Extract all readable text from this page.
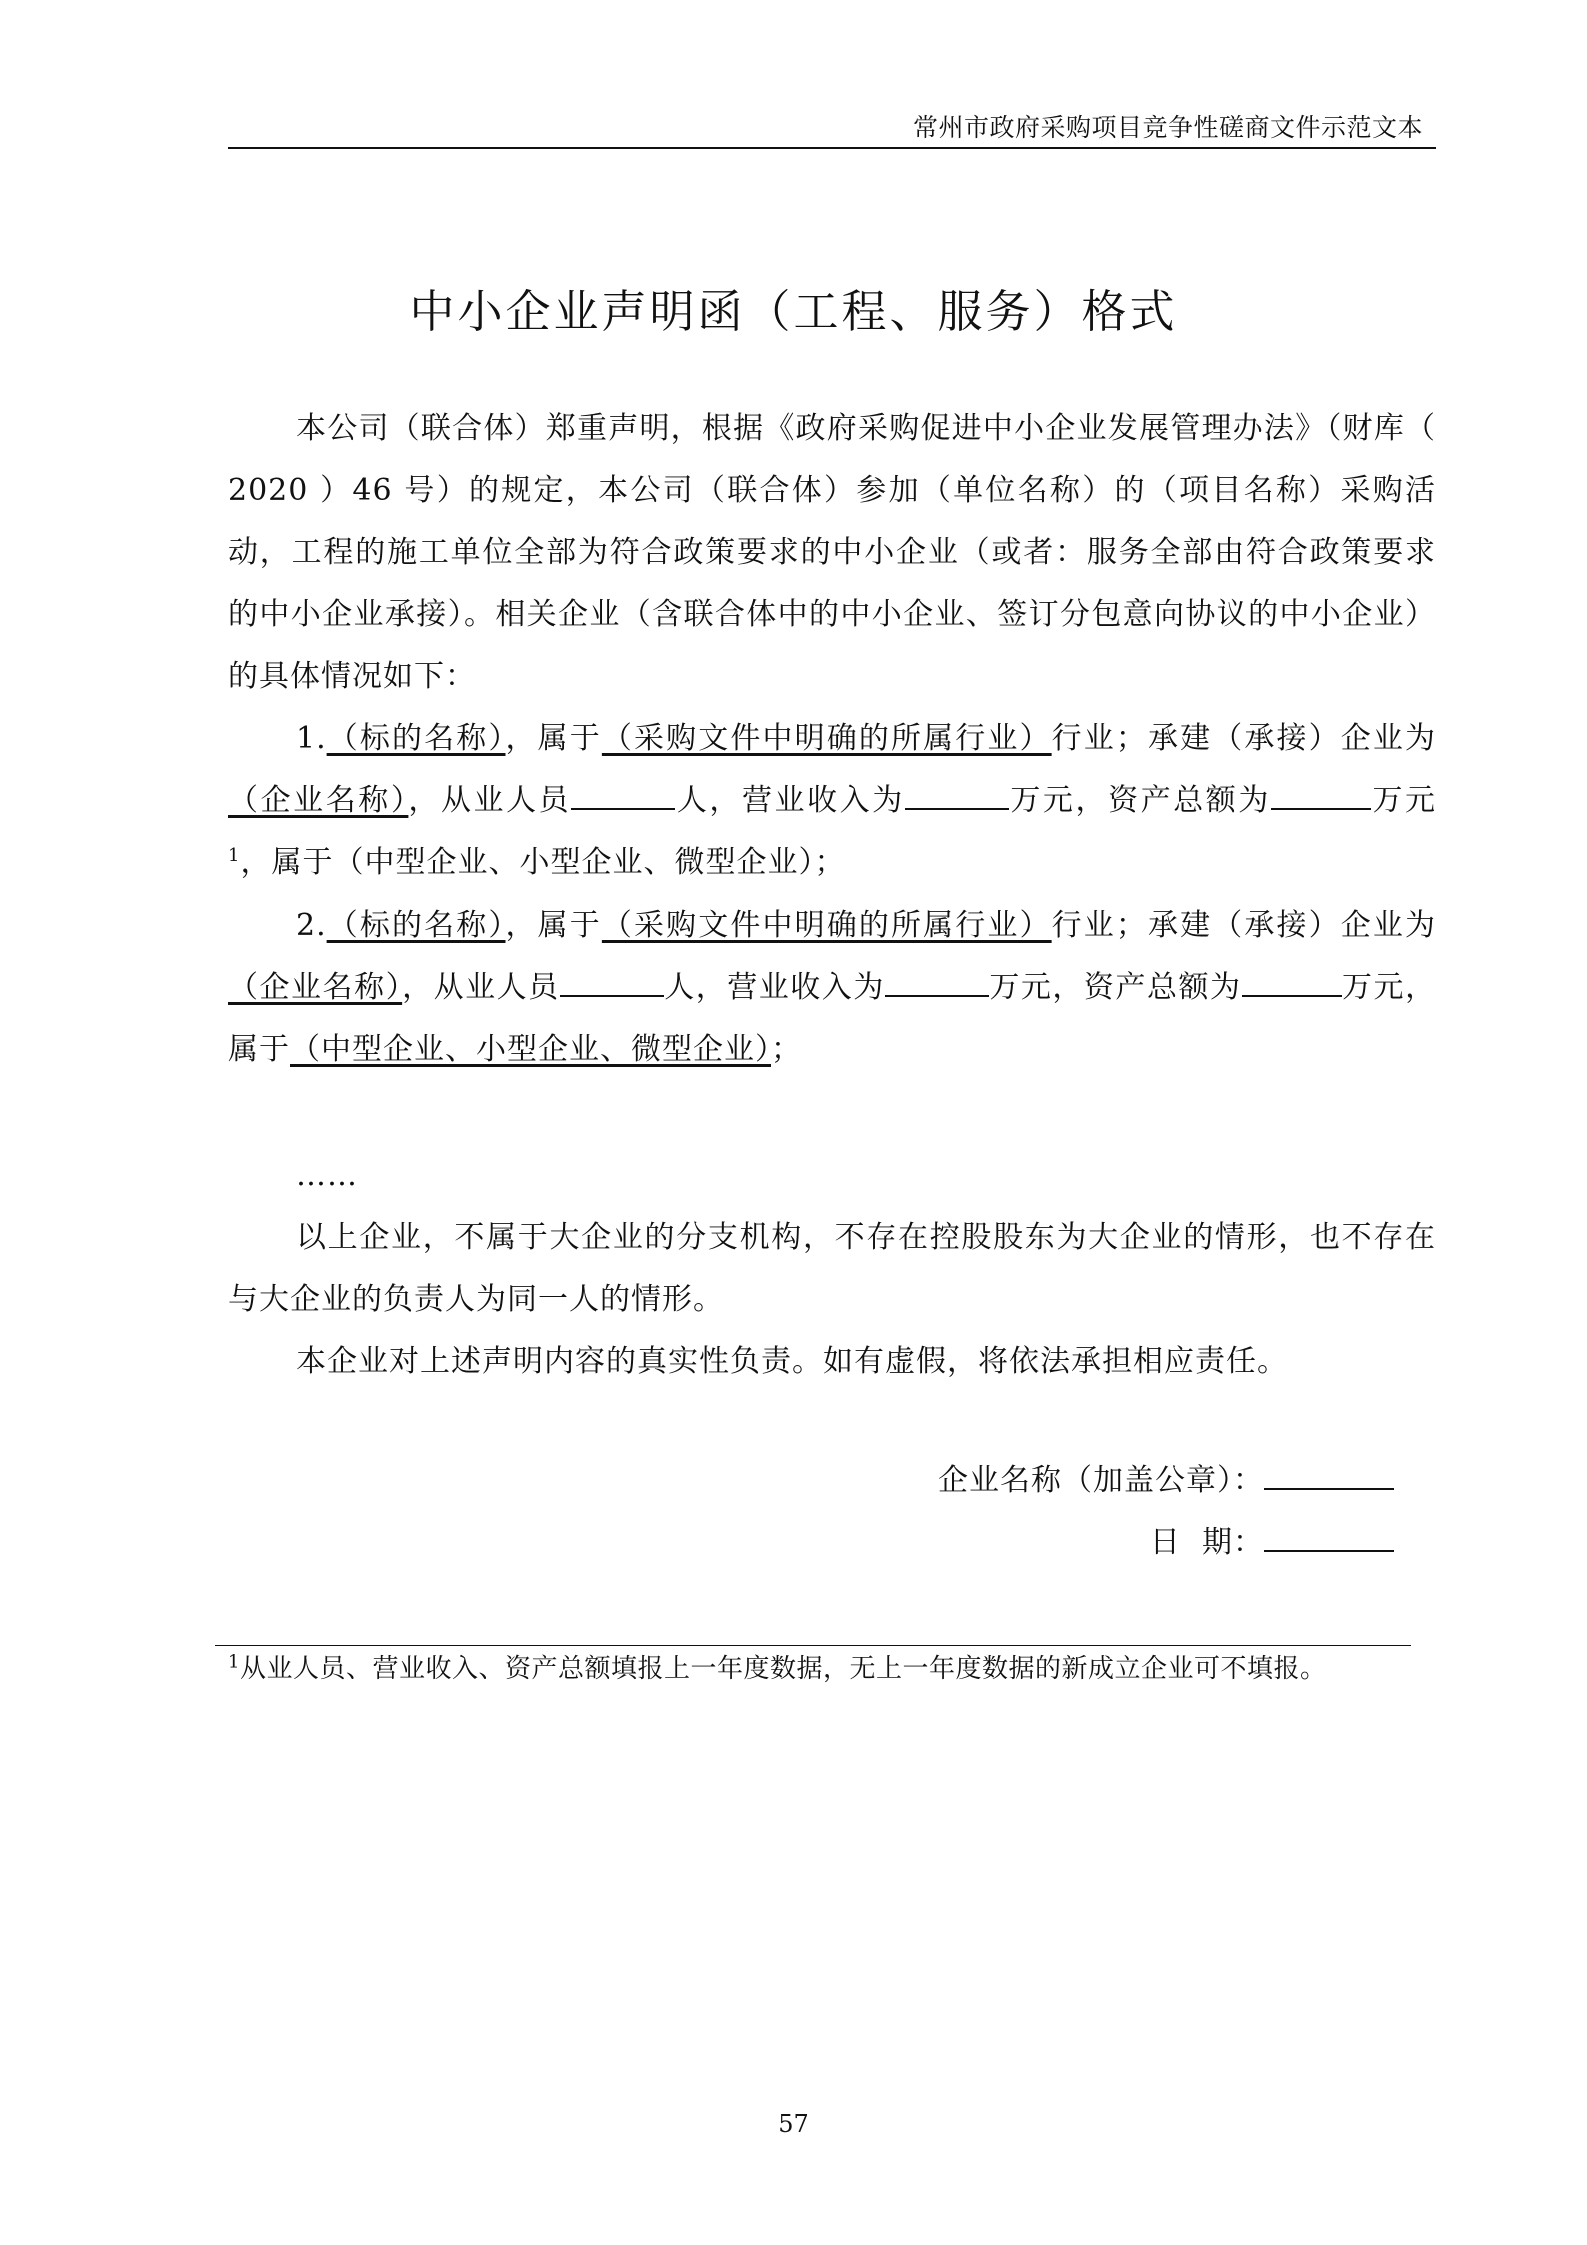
常州市政府采购项目竞争性磋商文件示范文本
中小企业声明函（工程、服务）格式

本公司（联合体）郑重声明，根据《政府采购促进中小企业发展管理办法》（财库（ 2020 ）46 号）的规定，本公司（联合体）参加（单位名称）的（项目名称）采购活动，工程的施工单位全部为符合政策要求的中小企业（或者：服务全部由符合政策要求的中小企业承接）。相关企业（含联合体中的中小企业、签订分包意向协议的中小企业）的具体情况如下：

1.（标的名称），属于（采购文件中明确的所属行业）行业；承建（承接）企业为（企业名称），从业人员	人，营业收入为	万元，资产总额为	万元 $^1$，属于（中型企业、小型企业、微型企业）；

2.（标的名称），属于（采购文件中明确的所属行业）行业；承建（承接）企业为（企业名称），从业人员	人，营业收入为	万元，资产总额为	万元，属于（中型企业、小型企业、微型企业）；

……

以上企业，不属于大企业的分支机构，不存在控股股东为大企业的情形，也不存在与大企业的负责人为同一人的情形。

本企业对上述声明内容的真实性负责。如有虚假，将依法承担相应责任。

企业名称（加盖公章）：
日  期：
$^1$从业人员、营业收入、资产总额填报上一年度数据，无上一年度数据的新成立企业可不填报。
57
